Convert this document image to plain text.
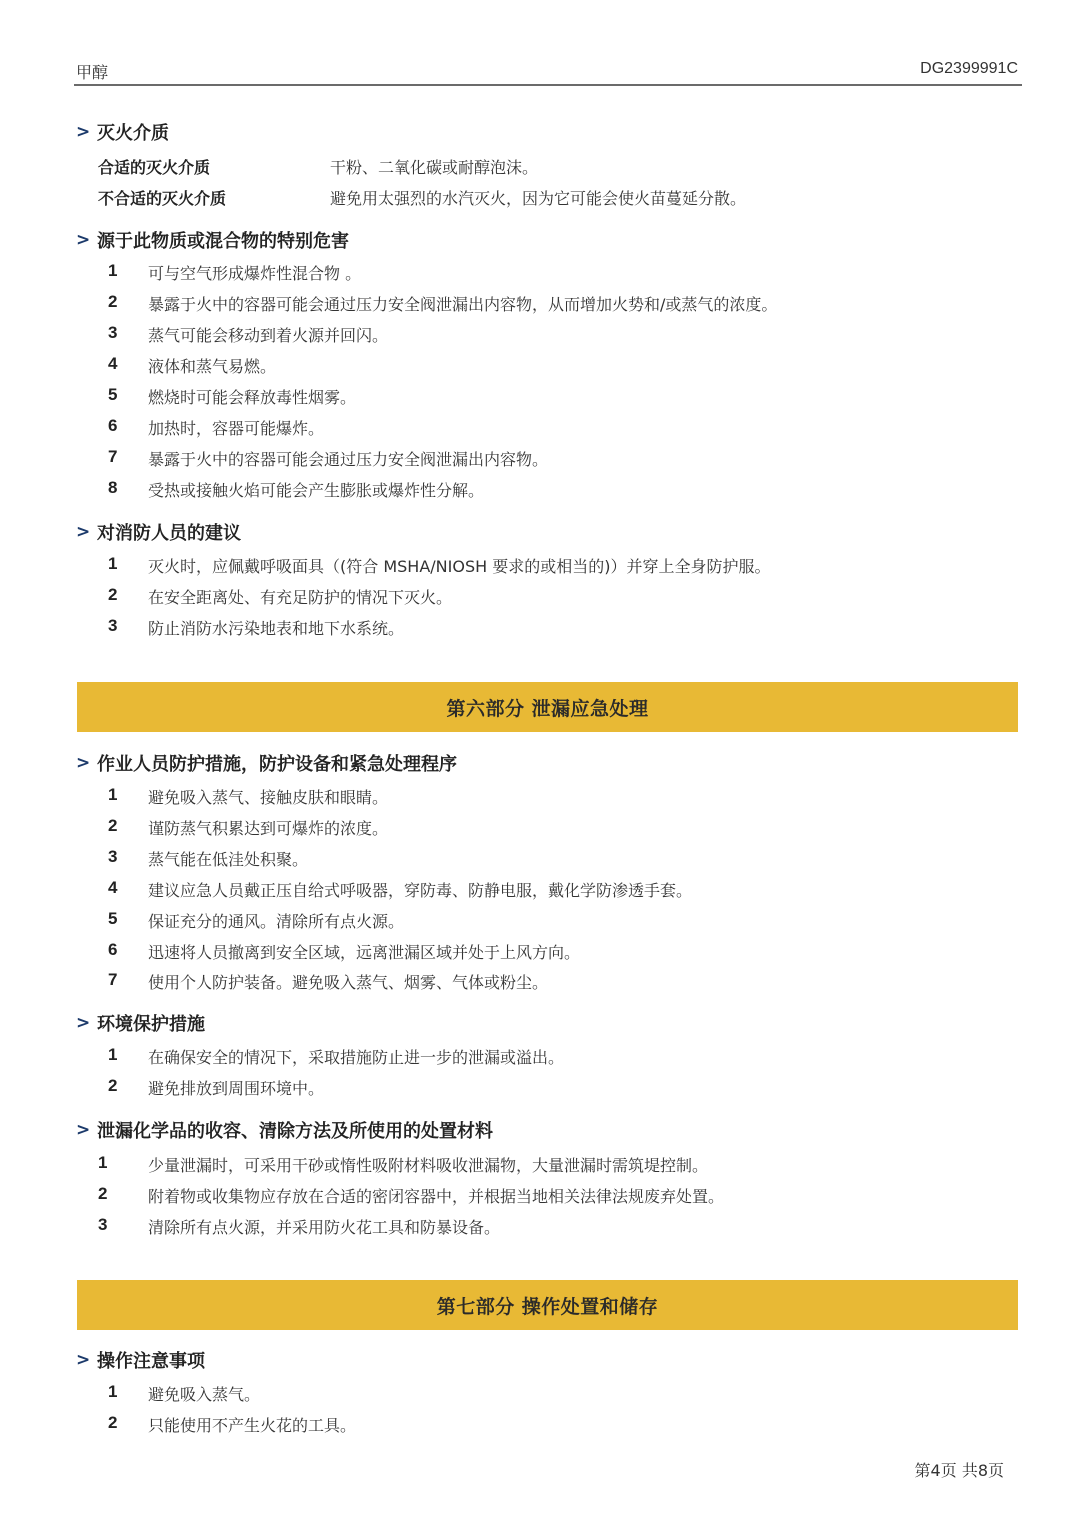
甲醇	DG2399991C
> 灭火介质
合适的灭火介质	干粉、二氧化碳或耐醇泡沫。
不合适的灭火介质	避免用太强烈的水汽灭火，因为它可能会使火苗蔓延分散。
> 源于此物质或混合物的特别危害
1	可与空气形成爆炸性混合物 。
2	暴露于火中的容器可能会通过压力安全阀泄漏出内容物，从而增加火势和/或蒸气的浓度。
3	蒸气可能会移动到着火源并回闪。
4	液体和蒸气易燃。
5	燃烧时可能会释放毒性烟雾。
6	加热时，容器可能爆炸。
7	暴露于火中的容器可能会通过压力安全阀泄漏出内容物。
8	受热或接触火焰可能会产生膨胀或爆炸性分解。
> 对消防人员的建议
1	灭火时，应佩戴呼吸面具（(符合 MSHA/NIOSH 要求的或相当的)）并穿上全身防护服。
2	在安全距离处、有充足防护的情况下灭火。
3	防止消防水污染地表和地下水系统。
第六部分 泄漏应急处理
> 作业人员防护措施，防护设备和紧急处理程序
1	避免吸入蒸气、接触皮肤和眼睛。
2	谨防蒸气积累达到可爆炸的浓度。
3	蒸气能在低洼处积聚。
4	建议应急人员戴正压自给式呼吸器，穿防毒、防静电服，戴化学防渗透手套。
5	保证充分的通风。清除所有点火源。
6	迅速将人员撤离到安全区域，远离泄漏区域并处于上风方向。
7	使用个人防护装备。避免吸入蒸气、烟雾、气体或粉尘。
> 环境保护措施
1	在确保安全的情况下，采取措施防止进一步的泄漏或溢出。
2	避免排放到周围环境中。
> 泄漏化学品的收容、清除方法及所使用的处置材料
1	少量泄漏时，可采用干砂或惰性吸附材料吸收泄漏物，大量泄漏时需筑堤控制。
2	附着物或收集物应存放在合适的密闭容器中，并根据当地相关法律法规废弃处置。
3	清除所有点火源，并采用防火花工具和防暴设备。
第七部分 操作处置和储存
> 操作注意事项
1	避免吸入蒸气。
2	只能使用不产生火花的工具。
第4页 共8页
